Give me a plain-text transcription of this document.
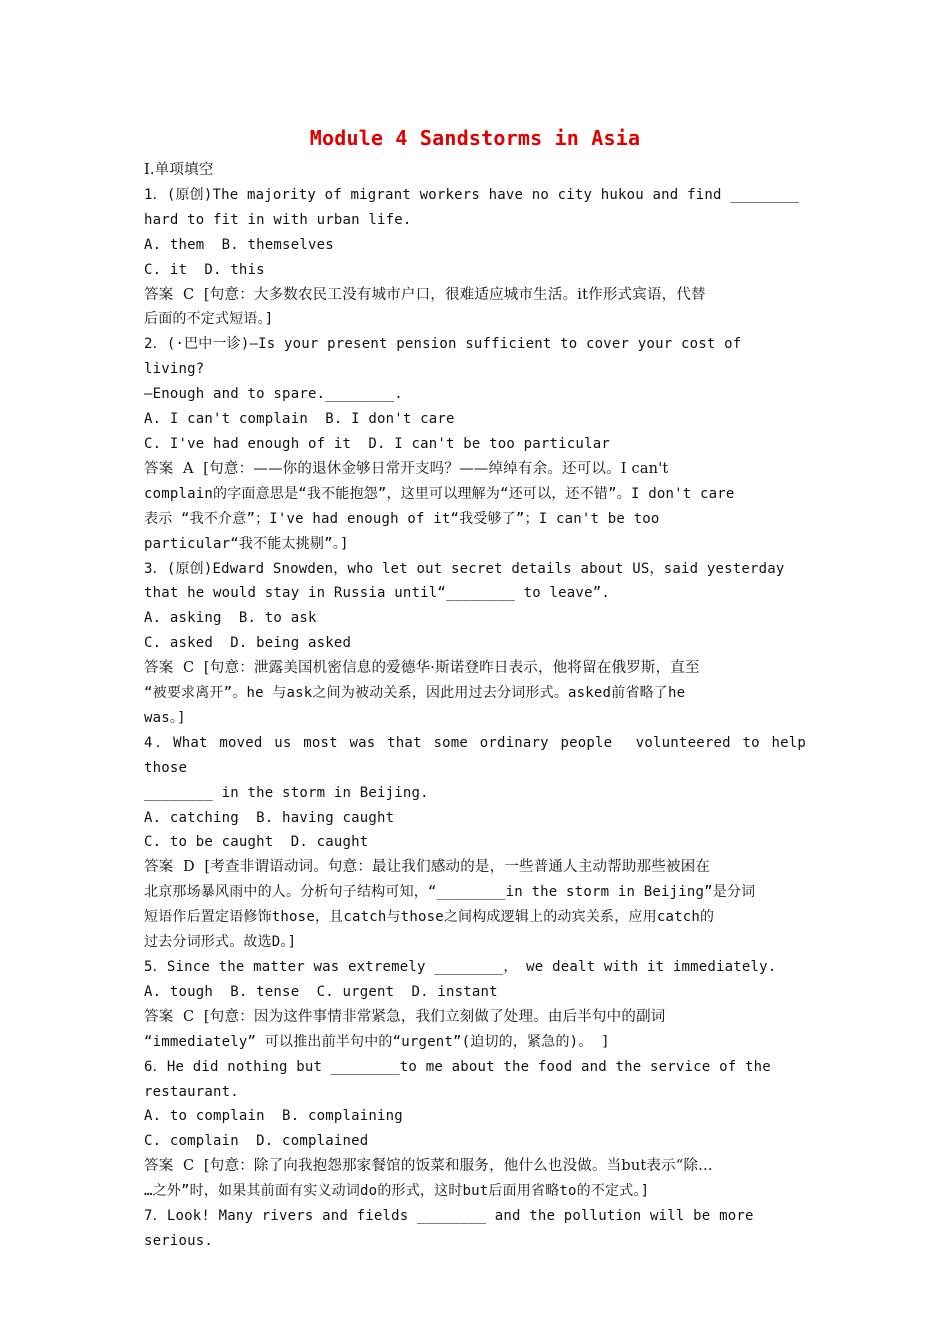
Module 4 Sandstorms in Asia
Ⅰ.单项填空
1．(原创)The majority of migrant workers have no city hukou and find ________
hard to fit in with urban life.
A. them  B. themselves
C. it  D. this
答案  C  [句意：大多数农民工没有城市户口，很难适应城市生活。it作形式宾语，代替
后面的不定式短语。]
2．(·巴中一诊)—Is your present pension sufficient to cover your cost of
living?
—Enough and to spare.________.
A. I can't complain  B. I don't care
C. I've had enough of it  D. I can't be too particular
答案  A  [句意：——你的退休金够日常开支吗？——绰绰有余。还可以。I can't
complain的字面意思是“我不能抱怨”，这里可以理解为“还可以，还不错”。I don't care
表示 “我不介意”；I've had enough of it“我受够了”；I can't be too
particular“我不能太挑剔”。]
3．(原创)Edward Snowden，who let out secret details about US，said yesterday
that he would stay in Russia until“________ to leave”.
A. asking  B. to ask
C. asked  D. being asked
答案  C  [句意：泄露美国机密信息的爱德华·斯诺登昨日表示，他将留在俄罗斯，直至
“被要求离开”。he 与ask之间为被动关系，因此用过去分词形式。asked前省略了he
was。]
4．What moved us most was that some ordinary people  volunteered to help those
________ in the storm in Beijing.
A. catching  B. having caught
C. to be caught  D. caught
答案  D  [考查非谓语动词。句意：最让我们感动的是，一些普通人主动帮助那些被困在
北京那场暴风雨中的人。分析句子结构可知，“________in the storm in Beijing”是分词
短语作后置定语修饰those，且catch与those之间构成逻辑上的动宾关系，应用catch的
过去分词形式。故选D。]
5．Since the matter was extremely ________， we dealt with it immediately.
A. tough  B. tense  C. urgent  D. instant
答案  C  [句意：因为这件事情非常紧急，我们立刻做了处理。由后半句中的副词
“immediately” 可以推出前半句中的“urgent”(迫切的，紧急的)。 ]
6．He did nothing but ________to me about the food and the service of the
restaurant.
A. to complain  B. complaining
C. complain  D. complained
答案  C  [句意：除了向我抱怨那家餐馆的饭菜和服务，他什么也没做。当but表示“除…
…之外”时，如果其前面有实义动词do的形式，这时but后面用省略to的不定式。]
7．Look! Many rivers and fields ________ and the pollution will be more
serious.
